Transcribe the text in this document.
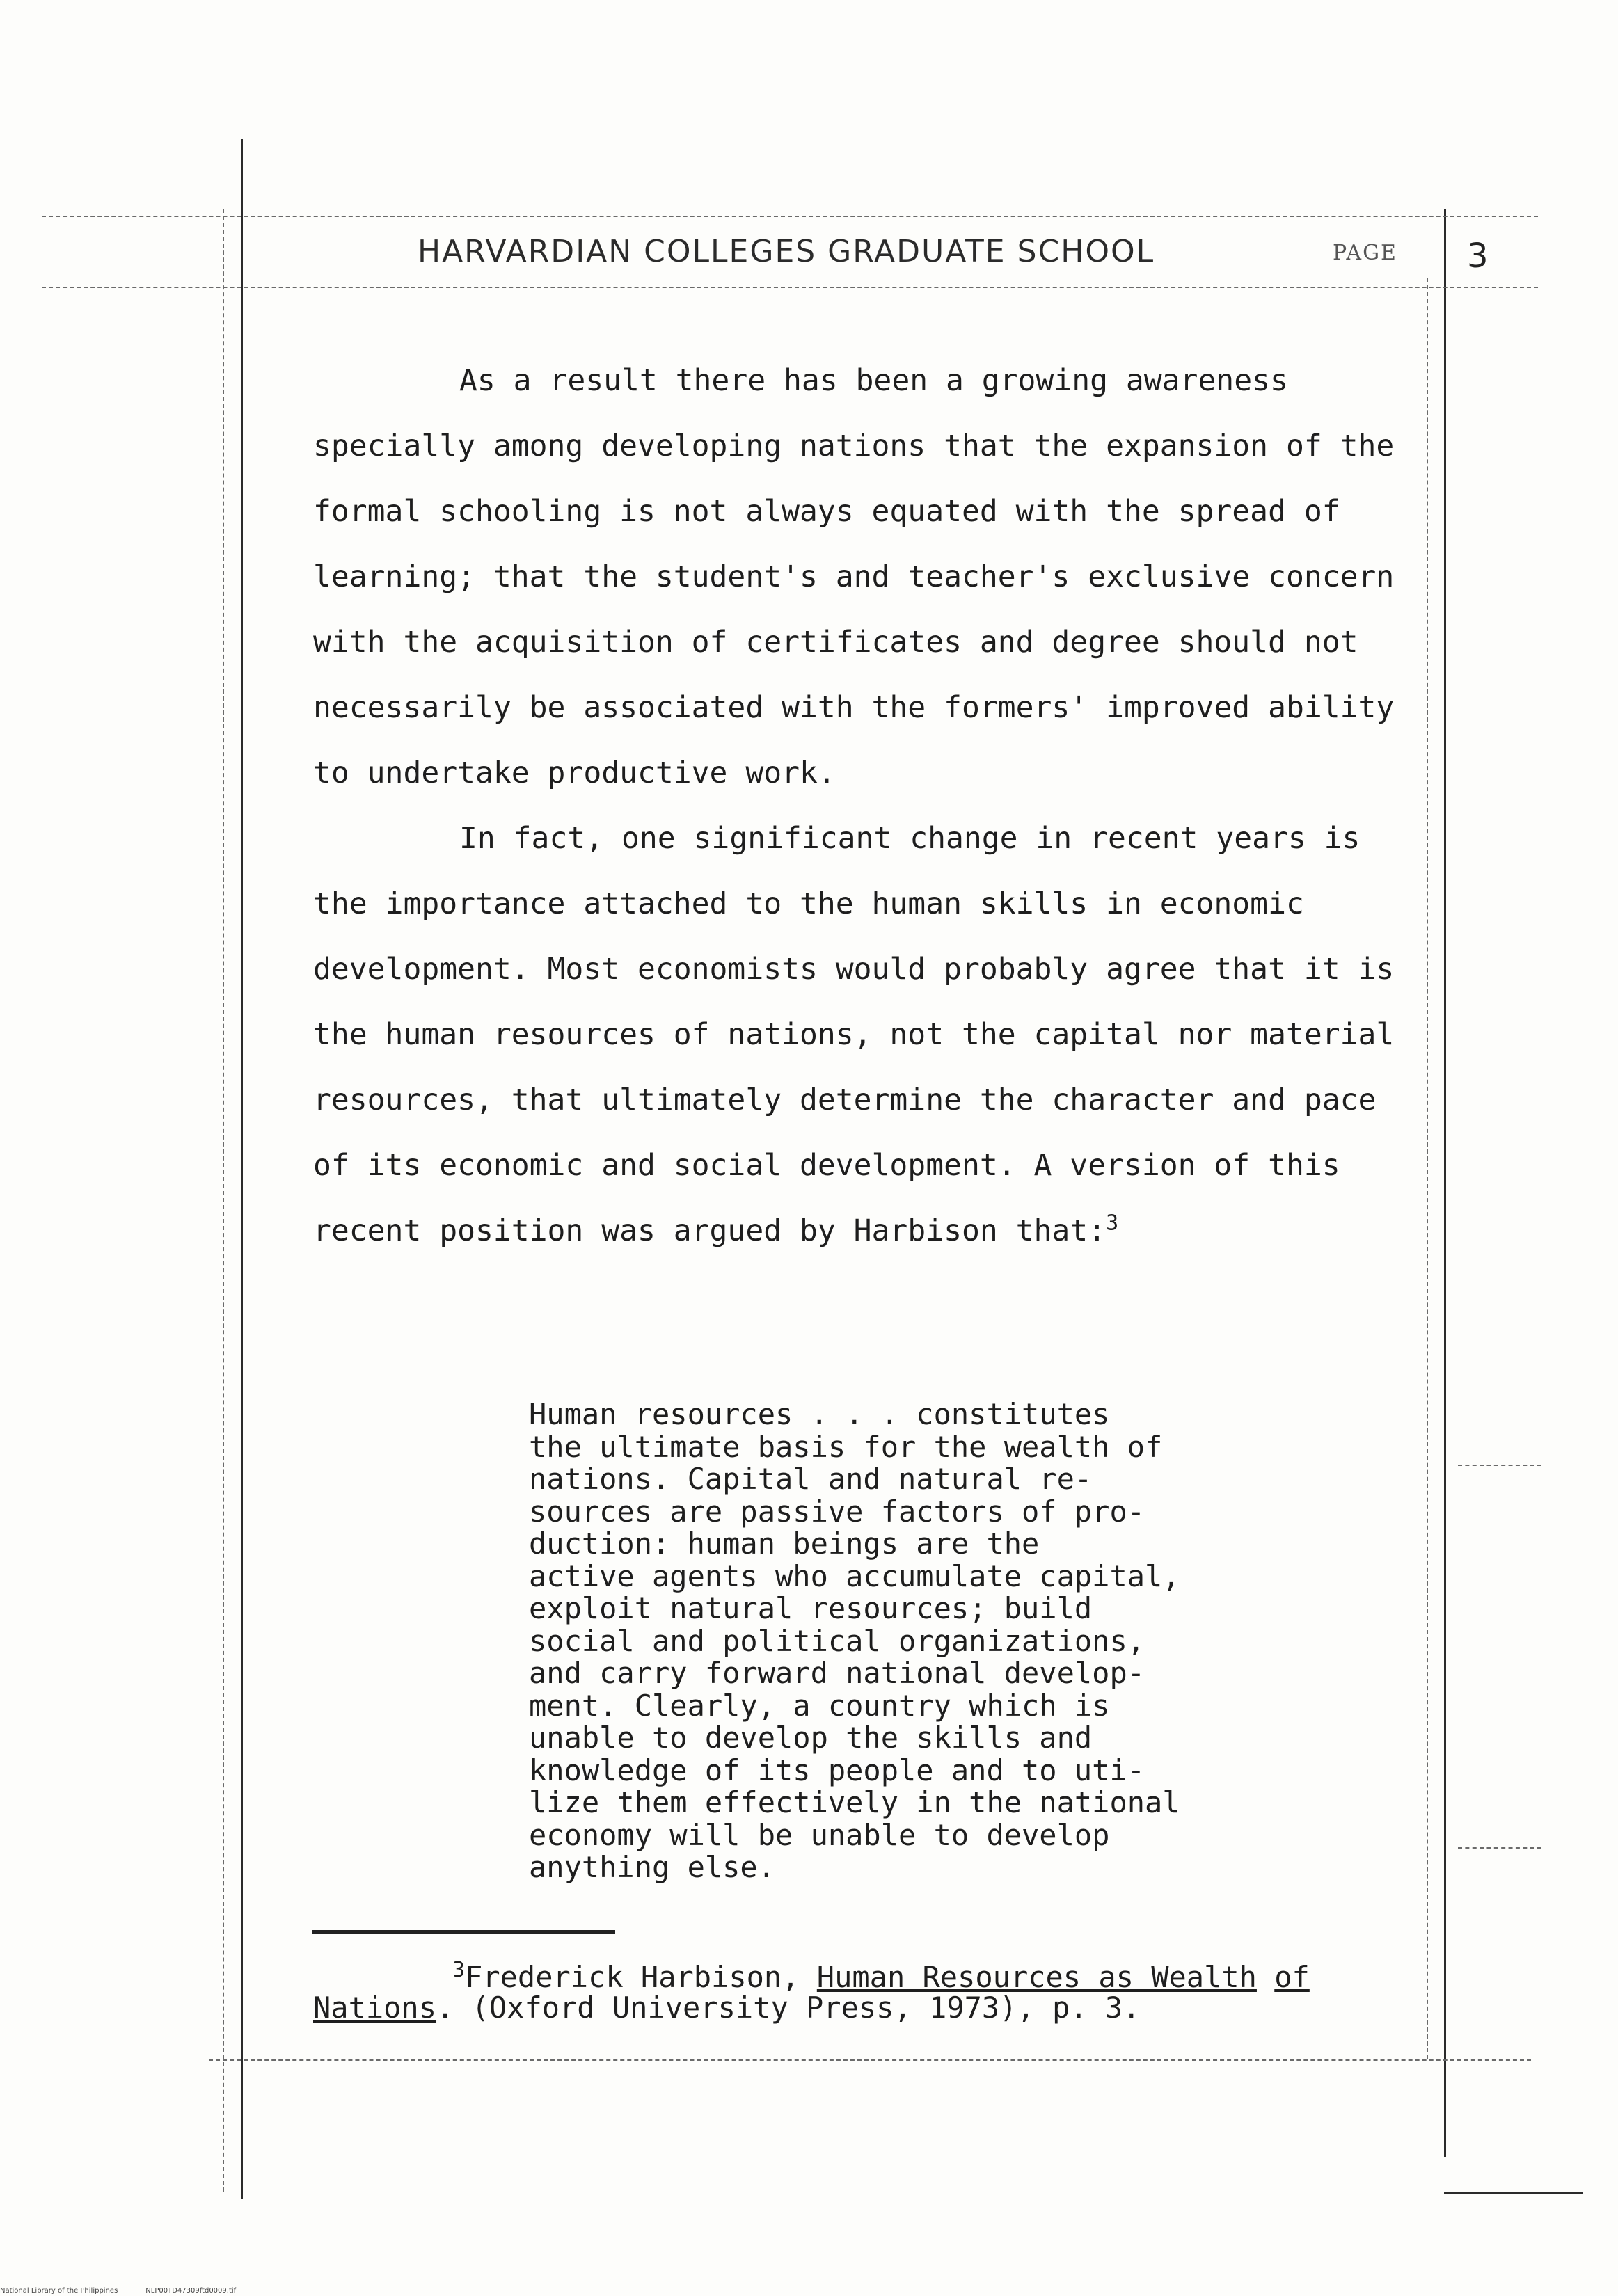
HARVARDIAN COLLEGES GRADUATE SCHOOL	PAGE 3

As a result there has been a growing awareness specially among developing nations that the expansion of the formal schooling is not always equated with the spread of learning; that the student's and teacher's exclusive concern with the acquisition of certificates and degree should not necessarily be associated with the formers' improved ability to undertake productive work.

In fact, one significant change in recent years is the importance attached to the human skills in economic development. Most economists would probably agree that it is the human resources of nations, not the capital nor material resources, that ultimately determine the character and pace of its economic and social development. A version of this recent position was argued by Harbison that:$^3$

Human resources . . . constitutes
the ultimate basis for the wealth of
nations. Capital and natural re-
sources are passive factors of pro-
duction: human beings are the
active agents who accumulate capital,
exploit natural resources; build
social and political organizations,
and carry forward national develop-
ment. Clearly, a country which is
unable to develop the skills and
knowledge of its people and to uti-
lize them effectively in the national
economy will be unable to develop
anything else.
$^3$Frederick Harbison, Human Resources as Wealth of Nations. (Oxford University Press, 1973), p. 3.
National Library of the Philippines	NLP00TD47309ftd0009.tif
